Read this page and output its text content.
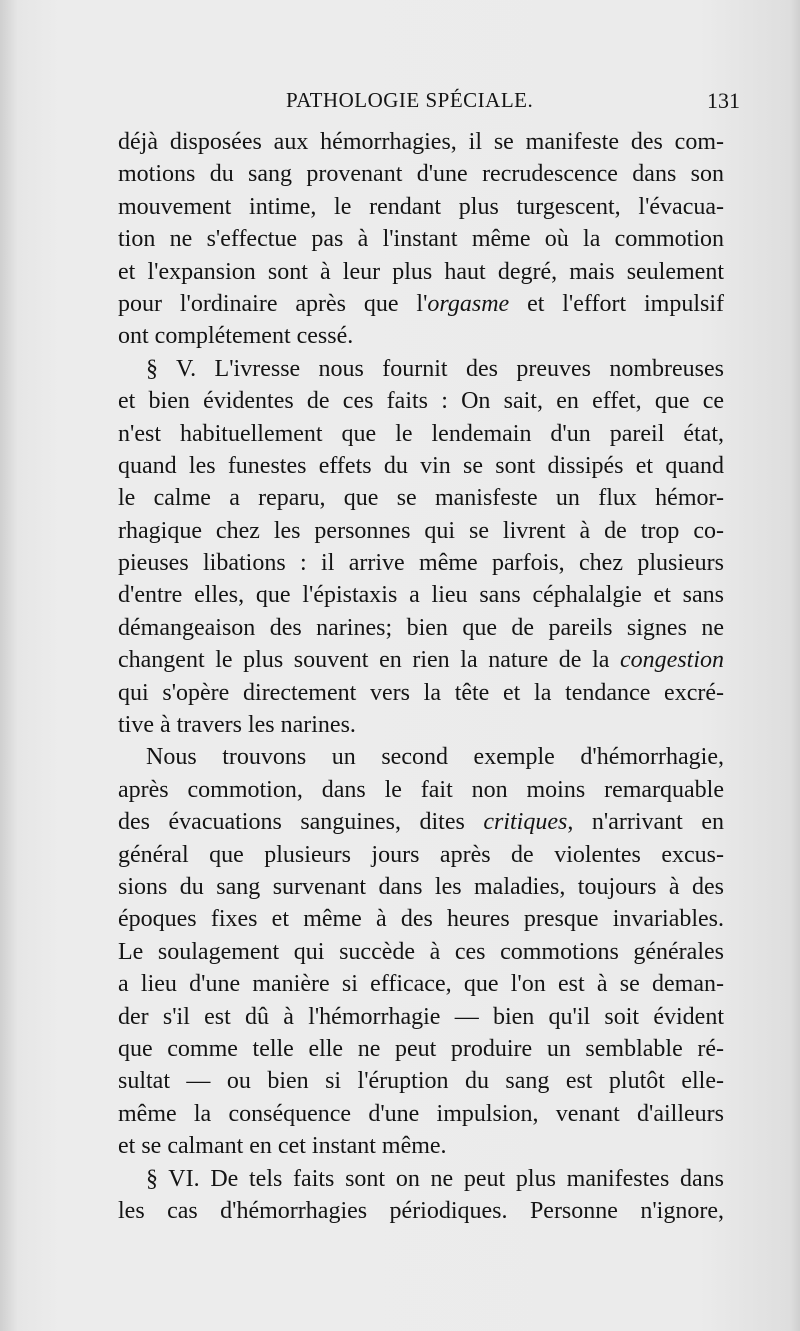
PATHOLOGIE SPÉCIALE.	131
déjà disposées aux hémorrhagies, il se manifeste des com-
motions du sang provenant d'une recrudescence dans son
mouvement intime, le rendant plus turgescent, l'évacua-
tion ne s'effectue pas à l'instant même où la commotion
et l'expansion sont à leur plus haut degré, mais seulement
pour l'ordinaire après que l'orgasme et l'effort impulsif
ont complétement cessé.
§ V. L'ivresse nous fournit des preuves nombreuses
et bien évidentes de ces faits : On sait, en effet, que ce
n'est habituellement que le lendemain d'un pareil état,
quand les funestes effets du vin se sont dissipés et quand
le calme a reparu, que se manisfeste un flux hémor-
rhagique chez les personnes qui se livrent à de trop co-
pieuses libations : il arrive même parfois, chez plusieurs
d'entre elles, que l'épistaxis a lieu sans céphalalgie et sans
démangeaison des narines; bien que de pareils signes ne
changent le plus souvent en rien la nature de la congestion
qui s'opère directement vers la tête et la tendance excré-
tive à travers les narines.
Nous trouvons un second exemple d'hémorrhagie,
après commotion, dans le fait non moins remarquable
des évacuations sanguines, dites critiques, n'arrivant en
général que plusieurs jours après de violentes excus-
sions du sang survenant dans les maladies, toujours à des
époques fixes et même à des heures presque invariables.
Le soulagement qui succède à ces commotions générales
a lieu d'une manière si efficace, que l'on est à se deman-
der s'il est dû à l'hémorrhagie — bien qu'il soit évident
que comme telle elle ne peut produire un semblable ré-
sultat — ou bien si l'éruption du sang est plutôt elle-
même la conséquence d'une impulsion, venant d'ailleurs
et se calmant en cet instant même.
§ VI. De tels faits sont on ne peut plus manifestes dans
les cas d'hémorrhagies périodiques. Personne n'ignore,
